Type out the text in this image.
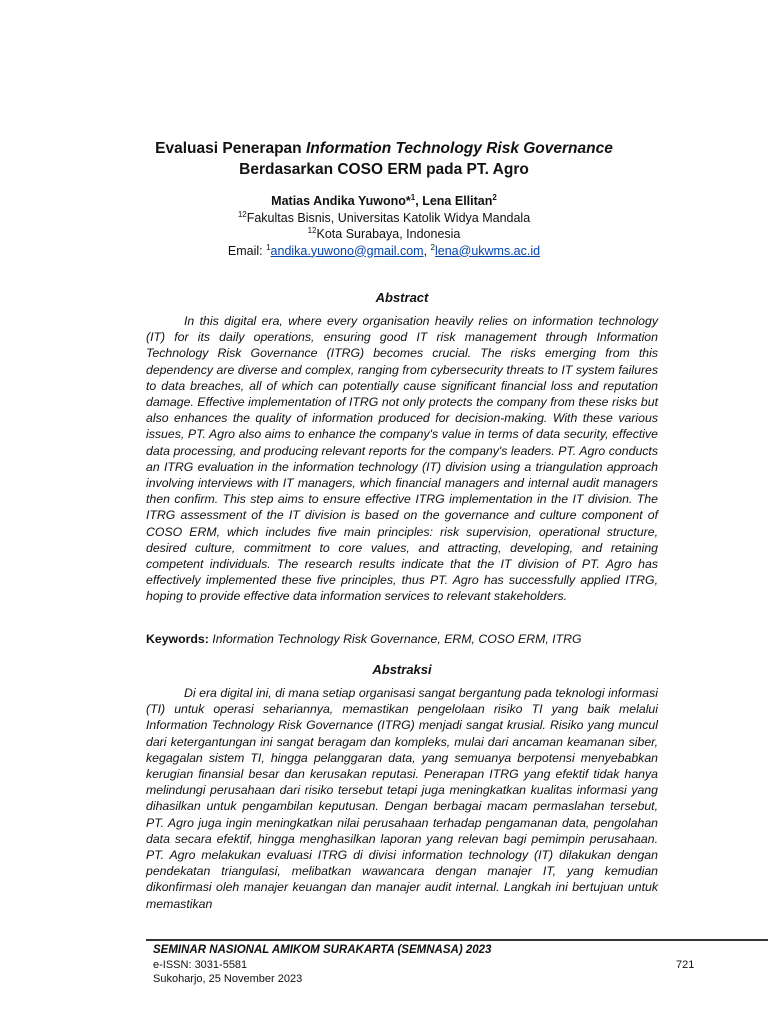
Evaluasi Penerapan Information Technology Risk Governance
Berdasarkan COSO ERM pada PT. Agro
Matias Andika Yuwono*$^1$, Lena Ellitan$^2$
$^{12}$Fakultas Bisnis, Universitas Katolik Widya Mandala
$^{12}$Kota Surabaya, Indonesia
Email: $^1$andika.yuwono@gmail.com, $^2$lena@ukwms.ac.id
Abstract
In this digital era, where every organisation heavily relies on information technology (IT) for its daily operations, ensuring good IT risk management through Information Technology Risk Governance (ITRG) becomes crucial. The risks emerging from this dependency are diverse and complex, ranging from cybersecurity threats to IT system failures to data breaches, all of which can potentially cause significant financial loss and reputation damage. Effective implementation of ITRG not only protects the company from these risks but also enhances the quality of information produced for decision-making. With these various issues, PT. Agro also aims to enhance the company's value in terms of data security, effective data processing, and producing relevant reports for the company's leaders. PT. Agro conducts an ITRG evaluation in the information technology (IT) division using a triangulation approach involving interviews with IT managers, which financial managers and internal audit managers then confirm. This step aims to ensure effective ITRG implementation in the IT division. The ITRG assessment of the IT division is based on the governance and culture component of COSO ERM, which includes five main principles: risk supervision, operational structure, desired culture, commitment to core values, and attracting, developing, and retaining competent individuals. The research results indicate that the IT division of PT. Agro has effectively implemented these five principles, thus PT. Agro has successfully applied ITRG, hoping to provide effective data information services to relevant stakeholders.
Keywords: Information Technology Risk Governance, ERM, COSO ERM, ITRG
Abstraksi
Di era digital ini, di mana setiap organisasi sangat bergantung pada teknologi informasi (TI) untuk operasi sehariannya, memastikan pengelolaan risiko TI yang baik melalui Information Technology Risk Governance (ITRG) menjadi sangat krusial. Risiko yang muncul dari ketergantungan ini sangat beragam dan kompleks, mulai dari ancaman keamanan siber, kegagalan sistem TI, hingga pelanggaran data, yang semuanya berpotensi menyebabkan kerugian finansial besar dan kerusakan reputasi. Penerapan ITRG yang efektif tidak hanya melindungi perusahaan dari risiko tersebut tetapi juga meningkatkan kualitas informasi yang dihasilkan untuk pengambilan keputusan. Dengan berbagai macam permaslahan tersebut, PT. Agro juga ingin meningkatkan nilai perusahaan terhadap pengamanan data, pengolahan data secara efektif, hingga menghasilkan laporan yang relevan bagi pemimpin perusahaan. PT. Agro melakukan evaluasi ITRG di divisi information technology (IT) dilakukan dengan pendekatan triangulasi, melibatkan wawancara dengan manajer IT, yang kemudian dikonfirmasi oleh manajer keuangan dan manajer audit internal. Langkah ini bertujuan untuk memastikan
SEMINAR NASIONAL AMIKOM SURAKARTA (SEMNASA) 2023
e-ISSN: 3031-5581
Sukoharjo, 25 November 2023
721
